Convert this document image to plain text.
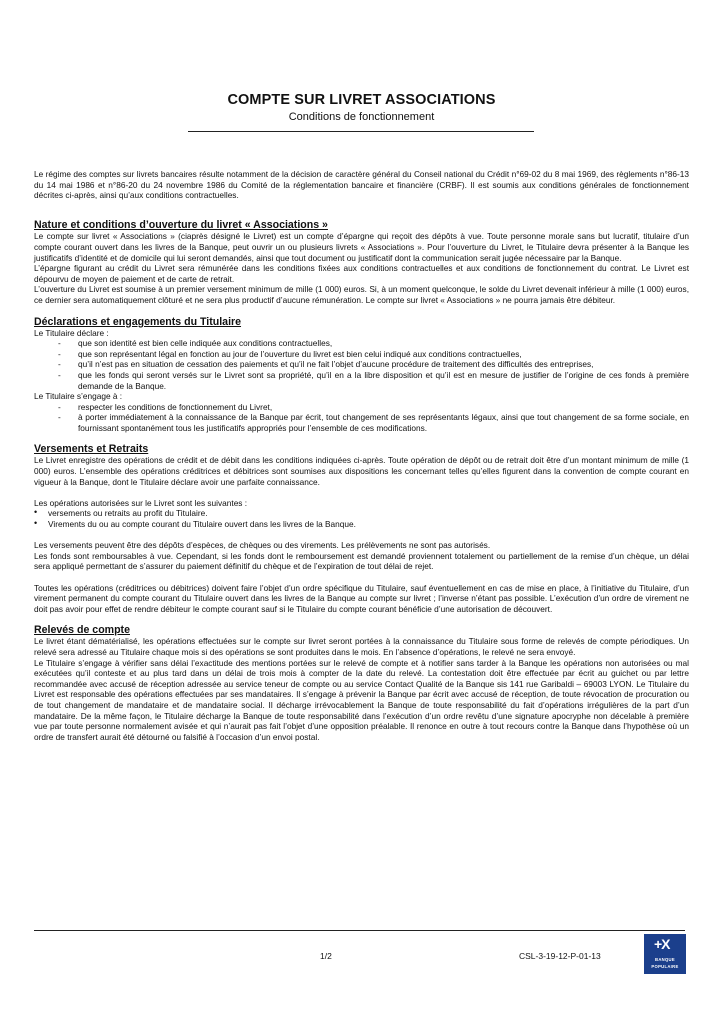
COMPTE SUR LIVRET ASSOCIATIONS
Conditions de fonctionnement

Le régime des comptes sur livrets bancaires résulte notamment de la décision de caractère général du Conseil national du Crédit n°69-02 du 8 mai 1969, des règlements n°86-13 du 14 mai 1986 et n°86-20 du 24 novembre 1986 du Comité de la réglementation bancaire et financière (CRBF). Il est soumis aux conditions générales de fonctionnement décrites ci-après, ainsi qu’aux conditions contractuelles.

Nature et conditions d’ouverture du livret « Associations »

Le compte sur livret « Associations » (ciaprès désigné le Livret) est un compte d’épargne qui reçoit des dépôts à vue. Toute personne morale sans but lucratif, titulaire d’un compte courant ouvert dans les livres de la Banque, peut ouvrir un ou plusieurs livrets « Associations ». Pour l’ouverture du Livret, le Titulaire devra présenter à la Banque les justificatifs d’identité et de domicile qui lui seront demandés, ainsi que tout document ou justificatif dont la communication serait jugée nécessaire par la Banque.

L’épargne figurant au crédit du Livret sera rémunérée dans les conditions fixées aux conditions contractuelles et aux conditions de fonctionnement du contrat. Le Livret est dépourvu de moyen de paiement et de carte de retrait.

L’ouverture du Livret est soumise à un premier versement minimum de mille (1 000) euros. Si, à un moment quelconque, le solde du Livret devenait inférieur à mille (1 000) euros, ce dernier sera automatiquement clôturé et ne sera plus productif d’aucune rémunération. Le compte sur livret « Associations » ne pourra jamais être débiteur.

Déclarations et engagements du Titulaire

Le Titulaire déclare :

- que son identité est bien celle indiquée aux conditions contractuelles,
- que son représentant légal en fonction au jour de l’ouverture du livret est bien celui indiqué aux conditions contractuelles,
- qu’il n’est pas en situation de cessation des paiements et qu’il ne fait l’objet d’aucune procédure de traitement des difficultés des entreprises,
- que les fonds qui seront versés sur le Livret sont sa propriété, qu’il en a la libre disposition et qu’il est en mesure de justifier de l’origine de ces fonds à première demande de la Banque.

Le Titulaire s’engage à :

- respecter les conditions de fonctionnement du Livret,
- à porter immédiatement à la connaissance de la Banque par écrit, tout changement de ses représentants légaux, ainsi que tout changement de sa forme sociale, en fournissant spontanément tous les justificatifs appropriés pour l’ensemble de ces modifications.
Versements et Retraits

Le Livret enregistre des opérations de crédit et de débit dans les conditions indiquées ci-après. Toute opération de dépôt ou de retrait doit être d’un montant minimum de mille (1 000) euros. L’ensemble des opérations créditrices et débitrices sont soumises aux dispositions les concernant telles qu’elles figurent dans la convention de compte courant en vigueur à la Banque, dont le Titulaire déclare avoir une parfaite connaissance.

Les opérations autorisées sur le Livret sont les suivantes :

• versements ou retraits au profit du Titulaire.
• Virements du ou au compte courant du Titulaire ouvert dans les livres de la Banque.

Les versements peuvent être des dépôts d’espèces, de chèques ou des virements. Les prélèvements ne sont pas autorisés.

Les fonds sont remboursables à vue. Cependant, si les fonds dont le remboursement est demandé proviennent totalement ou partiellement de la remise d’un chèque, un délai sera appliqué permettant de s’assurer du paiement définitif du chèque et de l’expiration de tout délai de rejet.

Toutes les opérations (créditrices ou débitrices) doivent faire l’objet d’un ordre spécifique du Titulaire, sauf éventuellement en cas de mise en place, à l’initiative du Titulaire, d’un virement permanent du compte courant du Titulaire ouvert dans les livres de la Banque au compte sur livret ; l’inverse n’étant pas possible. L’exécution d’un ordre de virement ne doit pas avoir pour effet de rendre débiteur le compte courant sauf si le Titulaire du compte courant bénéficie d’une autorisation de découvert.

Relevés de compte

Le livret étant dématérialisé, les opérations effectuées sur le compte sur livret seront portées à la connaissance du Titulaire sous forme de relevés de compte périodiques. Un relevé sera adressé au Titulaire chaque mois si des opérations se sont produites dans le mois. En l’absence d’opérations, le relevé ne sera envoyé.

Le Titulaire s’engage à vérifier sans délai l’exactitude des mentions portées sur le relevé de compte et à notifier sans tarder à la Banque les opérations non autorisées ou mal exécutées qu’il conteste et au plus tard dans un délai de trois mois à compter de la date du relevé. La contestation doit être effectuée par écrit au guichet ou par lettre recommandée avec accusé de réception adressée au service teneur de compte ou au service Contact Qualité de la Banque sis 141 rue Garibaldi – 69003 LYON. Le Titulaire du Livret est responsable des opérations effectuées par ses mandataires. Il s’engage à prévenir la Banque par écrit avec accusé de réception, de toute révocation de procuration ou de tout changement de mandataire et de mandataire social. Il décharge irrévocablement la Banque de toute responsabilité du fait d’opérations irrégulières de la part d’un mandataire. De la même façon, le Titulaire décharge la Banque de toute responsabilité dans l’exécution d’un ordre revêtu d’une signature apocryphe non décelable à première vue par toute personne normalement avisée et qui n’aurait pas fait l’objet d’une opposition préalable. Il renonce en outre à tout recours contre la Banque dans l’hypothèse où un ordre de transfert aurait été détourné ou falsifié à l’occasion d’un envoi postal.

1/2	CSL-3-19-12-P-01-13
+X
BANQUE
POPULAIRE
